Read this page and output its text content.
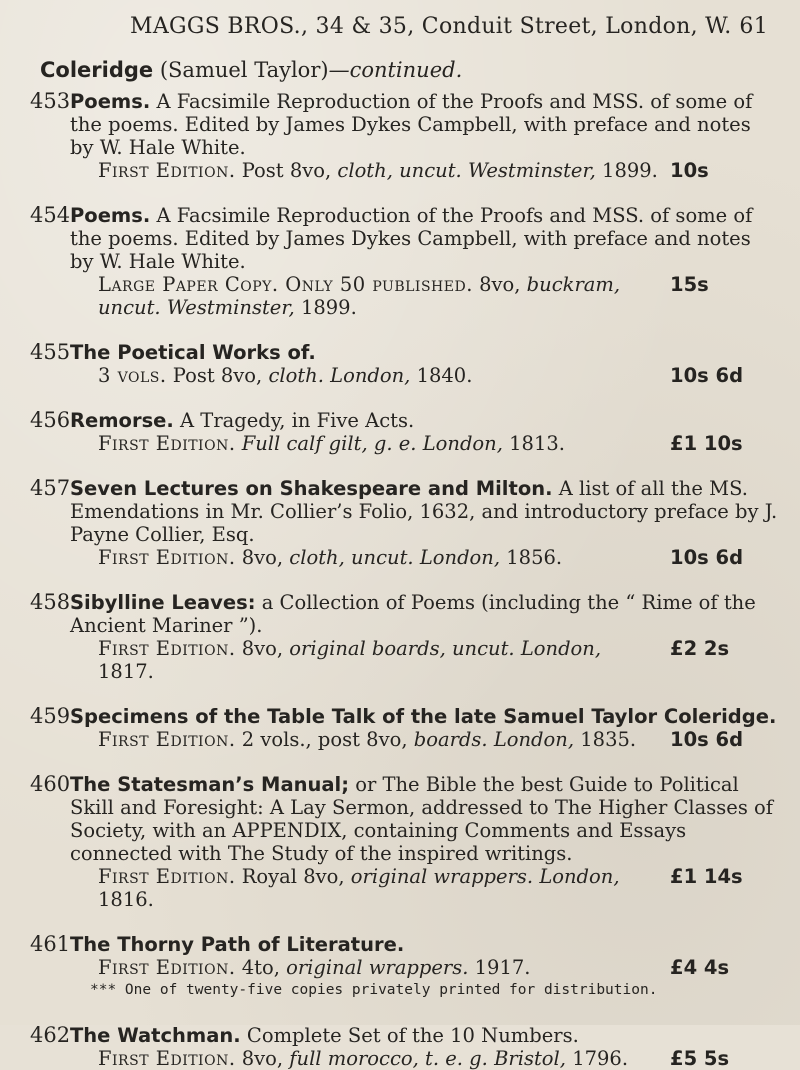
MAGGS BROS., 34 & 35, Conduit Street, London, W. 61
Coleridge (Samuel Taylor)—continued.
453 Poems. A Facsimile Reproduction of the Proofs and MSS. of some of the poems. Edited by James Dykes Campbell, with preface and notes by W. Hale White.
First Edition. Post 8vo, cloth, uncut. Westminster, 1899. 10s
454 Poems. A Facsimile Reproduction of the Proofs and MSS. of some of the poems. Edited by James Dykes Campbell, with preface and notes by W. Hale White.
Large Paper Copy. Only 50 published. 8vo, buckram, uncut. Westminster, 1899.
15s
455 The Poetical Works of.
3 vols. Post 8vo, cloth. London, 1840.	10s 6d
456 Remorse. A Tragedy, in Five Acts.
First Edition. Full calf gilt, g. e. London, 1813.	£1 10s
457 Seven Lectures on Shakespeare and Milton. A list of all the MS. Emendations in Mr. Collier’s Folio, 1632, and introductory preface by J. Payne Collier, Esq.
First Edition. 8vo, cloth, uncut. London, 1856.	10s 6d
458 Sibylline Leaves: a Collection of Poems (including the “ Rime of the Ancient Mariner ”).
First Edition. 8vo, original boards, uncut. London, 1817.
£2 2s
459 Specimens of the Table Talk of the late Samuel Taylor Coleridge.
First Edition. 2 vols., post 8vo, boards. London, 1835.	10s 6d
460 The Statesman’s Manual; or The Bible the best Guide to Political Skill and Foresight: A Lay Sermon, addressed to The Higher Classes of Society, with an APPENDIX, containing Comments and Essays connected with The Study of the inspired writings.
First Edition. Royal 8vo, original wrappers. London, 1816.
£1 14s
461 The Thorny Path of Literature.
First Edition. 4to, original wrappers. 1917.	£4 4s
*** One of twenty-five copies privately printed for distribution.
462 The Watchman. Complete Set of the 10 Numbers.
First Edition. 8vo, full morocco, t. e. g. Bristol, 1796.	£5 5s
